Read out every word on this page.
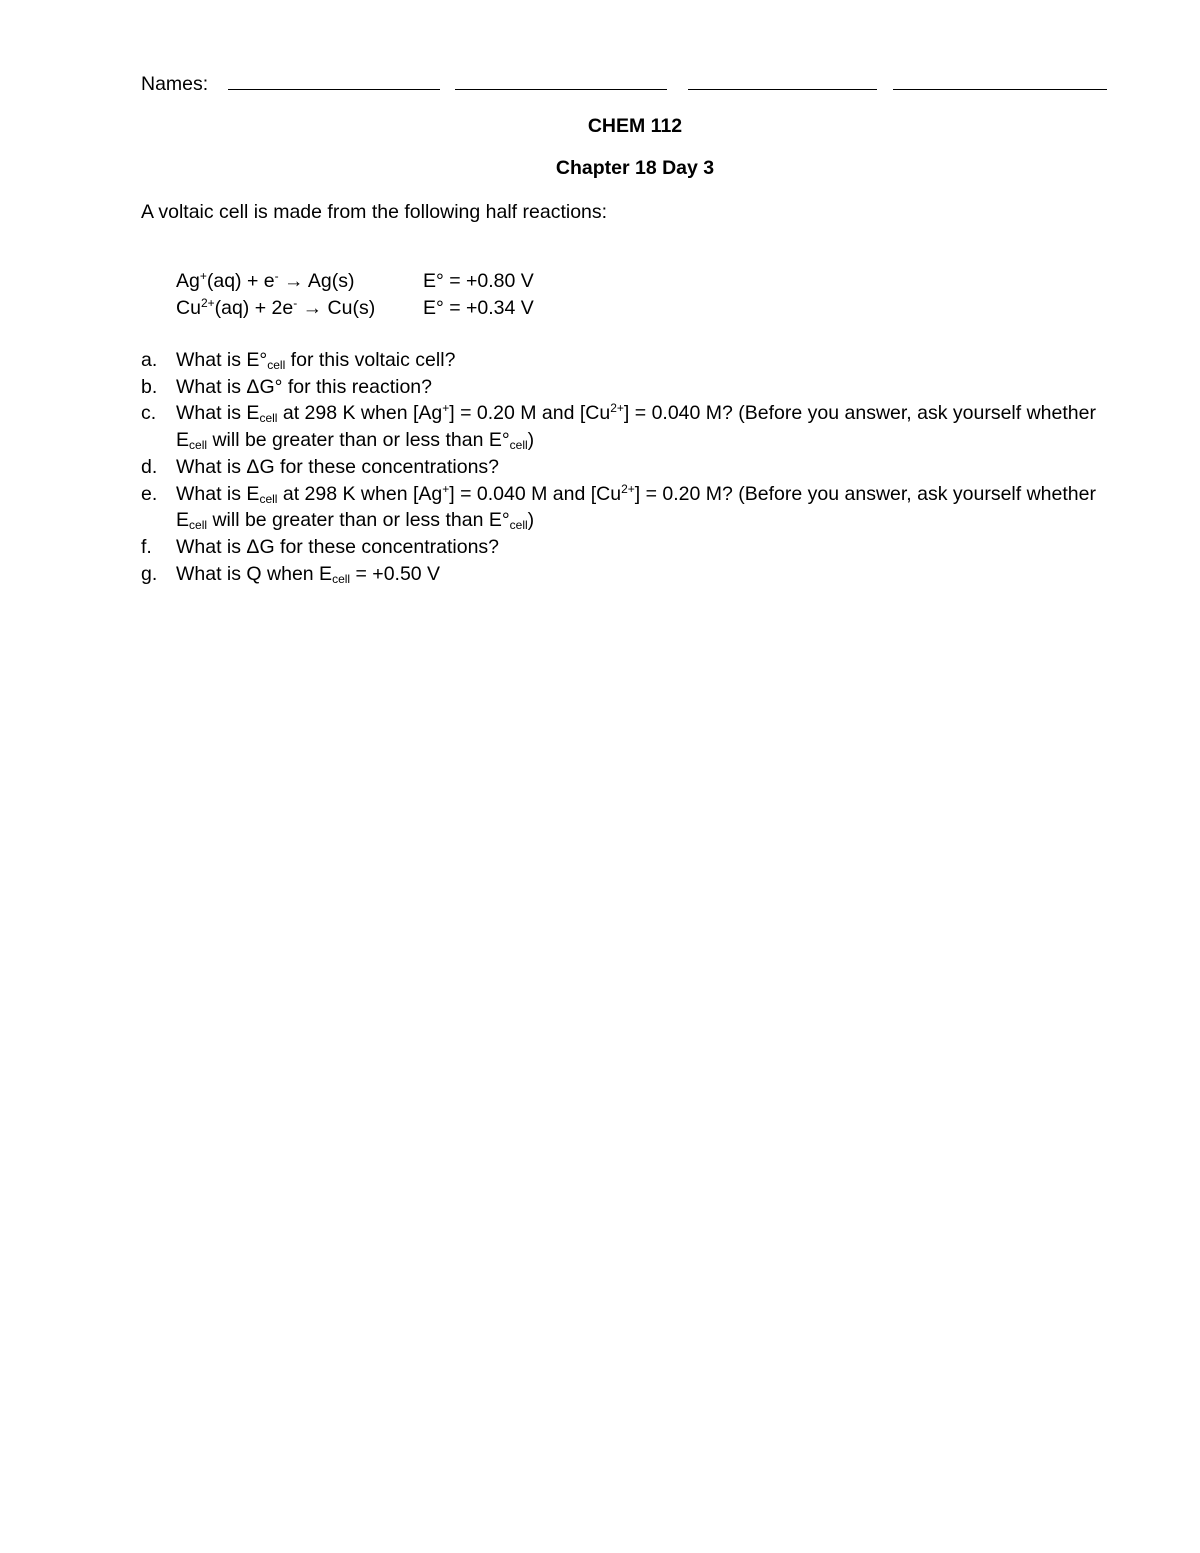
Names:
CHEM 112
Chapter 18 Day 3
A voltaic cell is made from the following half reactions:
Ag+(aq) + e- → Ag(s)	E° = +0.80 V
$Cu^{2+}(aq) + 2e^- \to Cu(s) E^\circ = +0.34$ V
a. What is $E^\circ_{cell}$ for this voltaic cell?
b. What is ΔG° for this reaction?
c. What is $E_{cell}$ at 298 K when [Ag+] = 0.20 M and $[Cu^{2+}] = 0.040$ M? (Before you answer, ask yourself whether $E_{cell}$ will be greater than or less than $E^\circ_{cell}$)
d. What is ΔG for these concentrations?
e. What is $E_{cell}$ at 298 K when [Ag+] = 0.040 M and $[Cu^{2+}] = 0.20$ M? (Before you answer, ask yourself whether $E_{cell}$ will be greater than or less than $E^\circ_{cell}$)
f. What is ΔG for these concentrations?
g. What is Q when $E_{cell} = +0.50$ V
